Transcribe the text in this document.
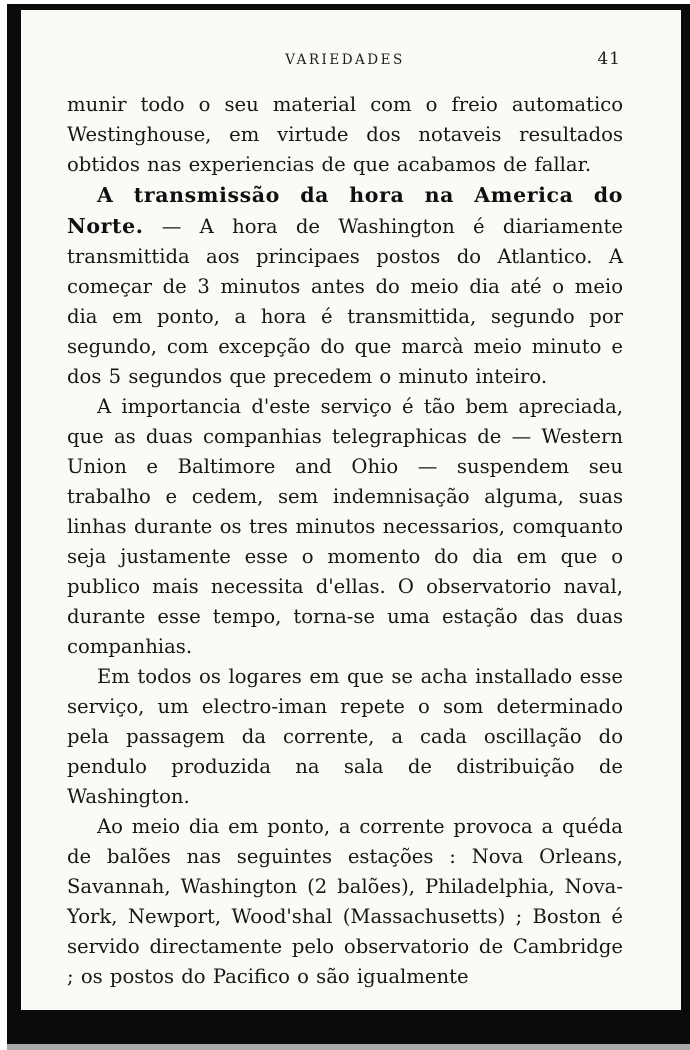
VARIEDADES	41

munir todo o seu material com o freio automatico Westinghouse, em virtude dos notaveis resultados obtidos nas experiencias de que acabamos de fallar.

A transmissão da hora na America do Norte. — A hora de Washington é diariamente transmittida aos principaes postos do Atlantico. A começar de 3 minutos antes do meio dia até o meio dia em ponto, a hora é transmittida, segundo por segundo, com excepção do que marcà meio minuto e dos 5 segundos que precedem o minuto inteiro.

A importancia d'este serviço é tão bem apreciada, que as duas companhias telegraphicas de — Western Union e Baltimore and Ohio — suspendem seu trabalho e cedem, sem indemnisação alguma, suas linhas durante os tres minutos necessarios, comquanto seja justamente esse o momento do dia em que o publico mais necessita d'ellas. O observatorio naval, durante esse tempo, torna-se uma estação das duas companhias.

Em todos os logares em que se acha installado esse serviço, um electro-iman repete o som determinado pela passagem da corrente, a cada oscillação do pendulo produzida na sala de distribuição de Washington.

Ao meio dia em ponto, a corrente provoca a quéda de balões nas seguintes estações : Nova Orleans, Savannah, Washington (2 balões), Philadelphia, Nova-York, Newport, Wood'shal (Massachusetts) ; Boston é servido directamente pelo observatorio de Cambridge ; os postos do Pacifico o são igualmente
